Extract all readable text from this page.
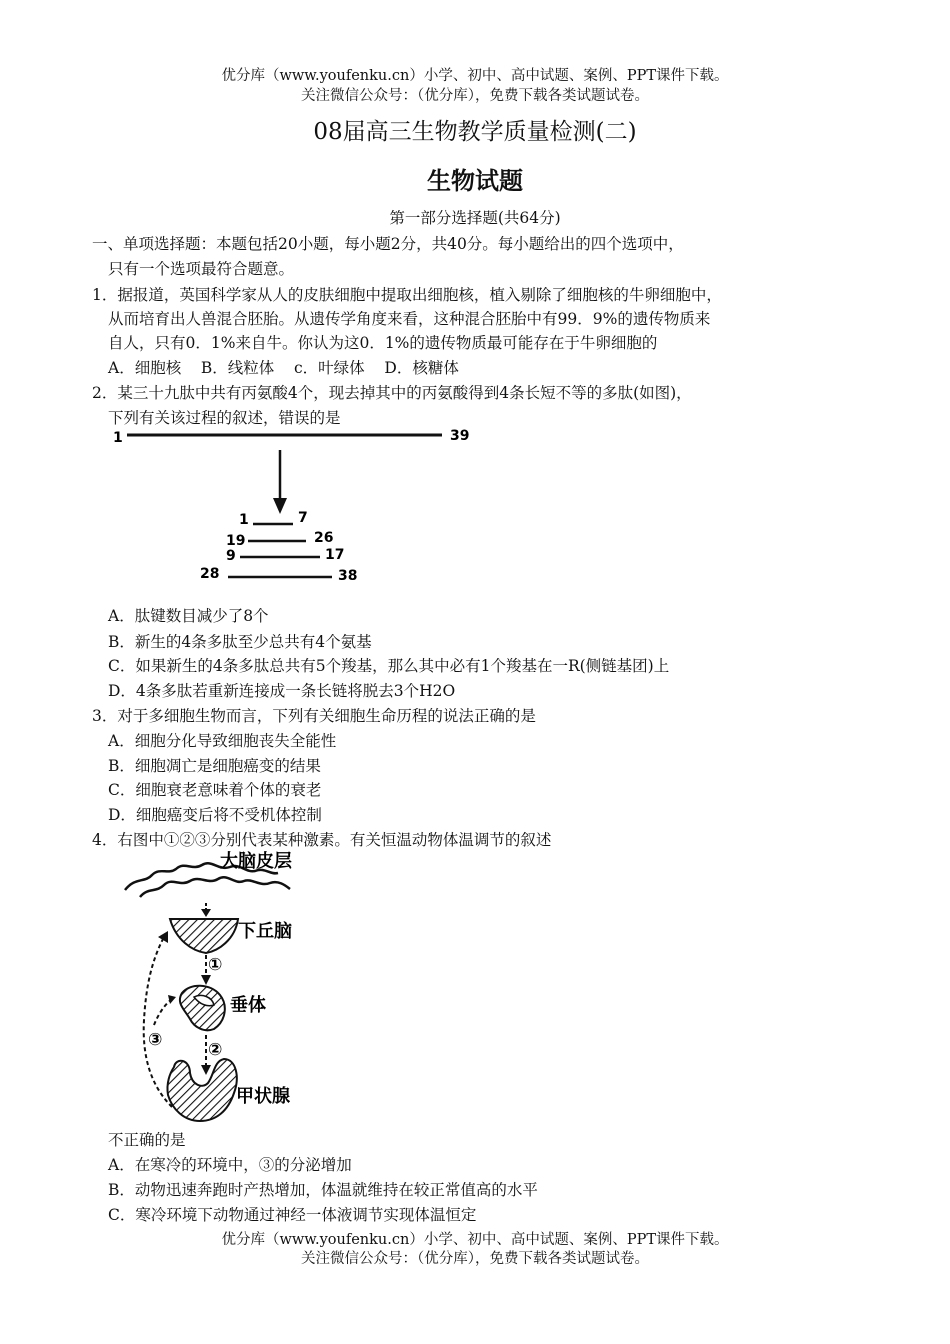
优分库（www.youfenku.cn）小学、初中、高中试题、案例、PPT课件下载。
关注微信公众号：（优分库），免费下载各类试题试卷。
08届高三生物教学质量检测(二)
生物试题
第一部分选择题(共64分)
一、单项选择题：本题包括20小题，每小题2分，共40分。每小题给出的四个选项中，
只有一个选项最符合题意。
1．据报道，英国科学家从人的皮肤细胞中提取出细胞核，植入剔除了细胞核的牛卵细胞中，
从而培育出人兽混合胚胎。从遗传学角度来看，这种混合胚胎中有99．9%的遗传物质来
自人，只有0．1%来自牛。你认为这0．1%的遗传物质最可能存在于牛卵细胞的
A．细胞核    B．线粒体    c．叶绿体    D．核糖体
2．某三十九肽中共有丙氨酸4个，现去掉其中的丙氨酸得到4条长短不等的多肽(如图)，
下列有关该过程的叙述，错误的是
1	39
1	7
19	26
9	17
28	38
A．肽键数目减少了8个
B．新生的4条多肽至少总共有4个氨基
C．如果新生的4条多肽总共有5个羧基，那么其中必有1个羧基在一R(侧链基团)上
D．4条多肽若重新连接成一条长链将脱去3个H2O
3．对于多细胞生物而言，下列有关细胞生命历程的说法正确的是
A．细胞分化导致细胞丧失全能性
B．细胞凋亡是细胞癌变的结果
C．细胞衰老意味着个体的衰老
D．细胞癌变后将不受机体控制
4．右图中①②③分别代表某种激素。有关恒温动物体温调节的叙述
大脑皮层
下丘脑
①
垂体
②
甲状腺
③
不正确的是
A．在寒冷的环境中，③的分泌增加
B．动物迅速奔跑时产热增加，体温就维持在较正常值高的水平
C．寒冷环境下动物通过神经一体液调节实现体温恒定
优分库（www.youfenku.cn）小学、初中、高中试题、案例、PPT课件下载。
关注微信公众号：（优分库），免费下载各类试题试卷。
